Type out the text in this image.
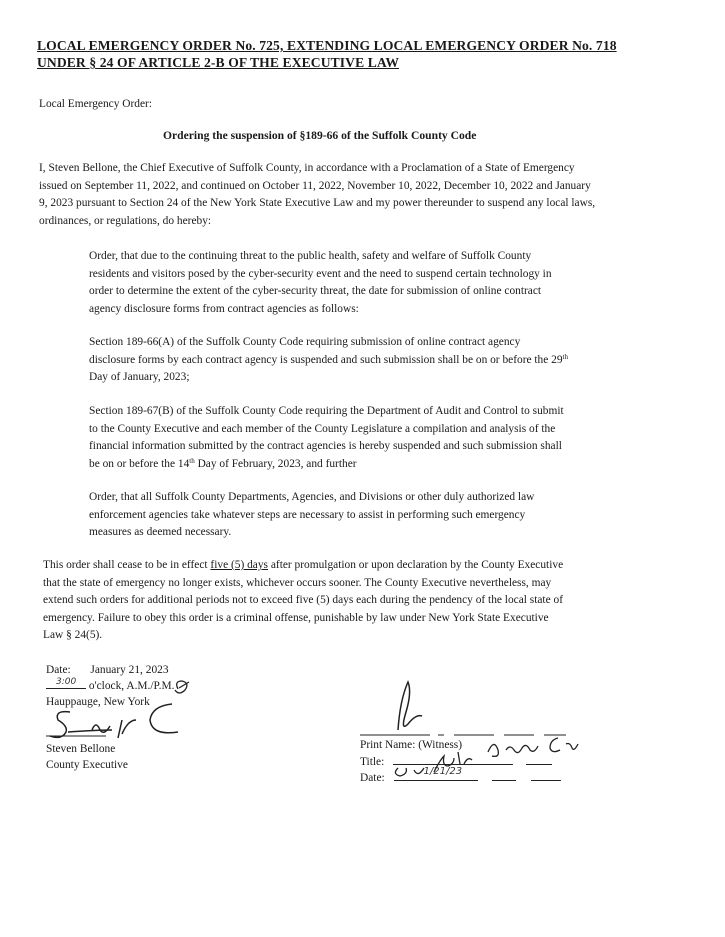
LOCAL EMERGENCY ORDER No. 725, EXTENDING LOCAL EMERGENCY ORDER No. 718
UNDER § 24 OF ARTICLE 2-B OF THE EXECUTIVE LAW
Local Emergency Order:
Ordering the suspension of §189-66 of the Suffolk County Code
I, Steven Bellone, the Chief Executive of Suffolk County, in accordance with a Proclamation of a State of Emergency
issued on September 11, 2022, and continued on October 11, 2022, November 10, 2022, December 10, 2022 and January
9, 2023 pursuant to Section 24 of the New York State Executive Law and my power thereunder to suspend any local laws,
ordinances, or regulations, do hereby:
Order, that due to the continuing threat to the public health, safety and welfare of Suffolk County
residents and visitors posed by the cyber-security event and the need to suspend certain technology in
order to determine the extent of the cyber-security threat, the date for submission of online contract
agency disclosure forms from contract agencies as follows:
Section 189-66(A) of the Suffolk County Code requiring submission of online contract agency
disclosure forms by each contract agency is suspended and such submission shall be on or before the 29th
Day of January, 2023;
Section 189-67(B) of the Suffolk County Code requiring the Department of Audit and Control to submit
to the County Executive and each member of the County Legislature a compilation and analysis of the
financial information submitted by the contract agencies is hereby suspended and such submission shall
be on or before the 14th Day of February, 2023, and further
Order, that all Suffolk County Departments, Agencies, and Divisions or other duly authorized law
enforcement agencies take whatever steps are necessary to assist in performing such emergency
measures as deemed necessary.
This order shall cease to be in effect five (5) days after promulgation or upon declaration by the County Executive
that the state of emergency no longer exists, whichever occurs sooner. The County Executive nevertheless, may
extend such orders for additional periods not to exceed five (5) days each during the pendency of the local state of
emergency. Failure to obey this order is a criminal offense, punishable by law under New York State Executive
Law § 24(5).
Date: January 21, 2023
3:00 o'clock, A.M./P.M.
Hauppauge, New York
Steven Bellone
County Executive
Print Name: (Witness)
Title:
Date:
1/21/23
